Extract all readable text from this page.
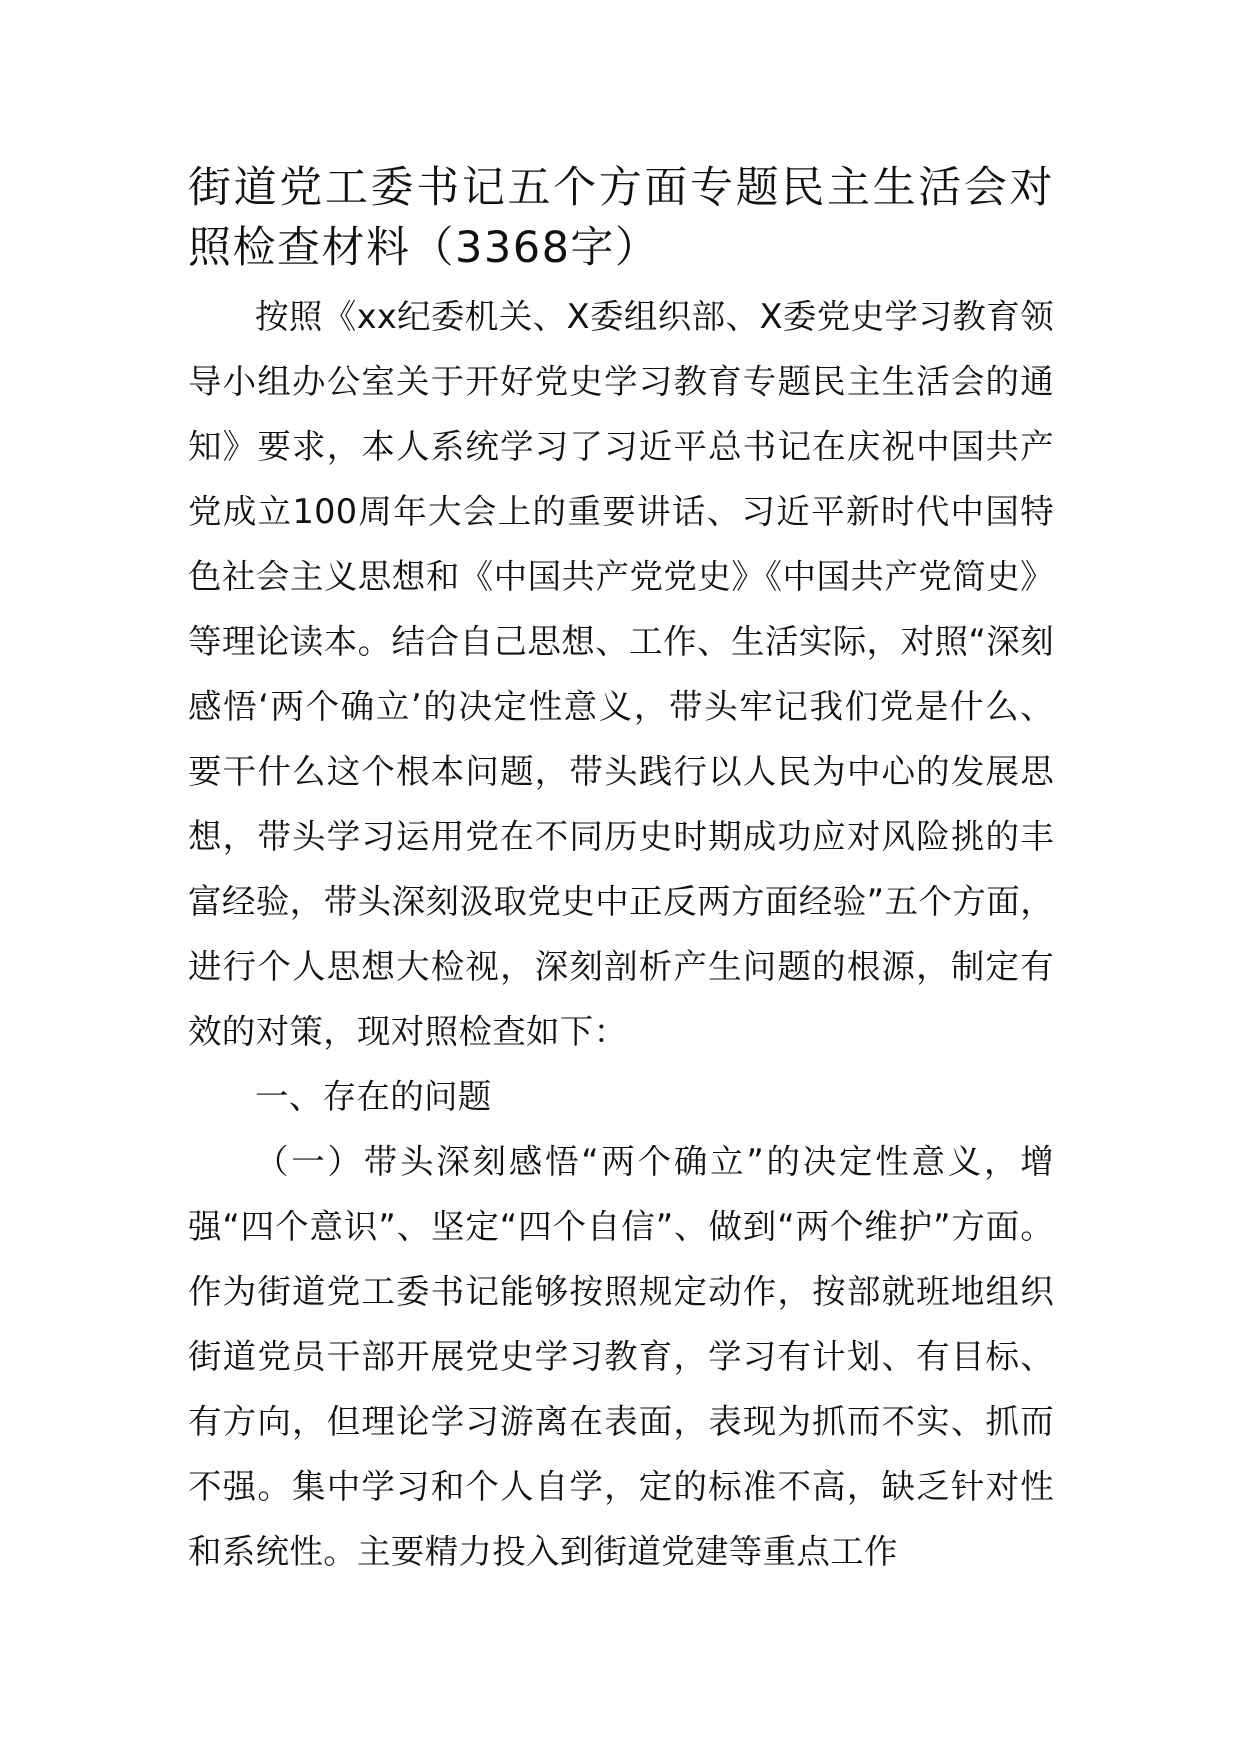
街道党工委书记五个方面专题民主生活会对照检查材料（3368字）

按照《xx纪委机关、X委组织部、X委党史学习教育领导小组办公室关于开好党史学习教育专题民主生活会的通知》要求，本人系统学习了习近平总书记在庆祝中国共产党成立100周年大会上的重要讲话、习近平新时代中国特色社会主义思想和《中国共产党党史》《中国共产党简史》等理论读本。结合自己思想、工作、生活实际，对照“深刻感悟‘两个确立’的决定性意义，带头牢记我们党是什么、要干什么这个根本问题，带头践行以人民为中心的发展思想，带头学习运用党在不同历史时期成功应对风险挑的丰富经验，带头深刻汲取党史中正反两方面经验”五个方面，进行个人思想大检视，深刻剖析产生问题的根源，制定有效的对策，现对照检查如下：

一、存在的问题

（一）带头深刻感悟“两个确立”的决定性意义，增强“四个意识”、坚定“四个自信”、做到“两个维护”方面。作为街道党工委书记能够按照规定动作，按部就班地组织街道党员干部开展党史学习教育，学习有计划、有目标、有方向，但理论学习游离在表面，表现为抓而不实、抓而不强。集中学习和个人自学，定的标准不高，缺乏针对性和系统性。主要精力投入到街道党建等重点工作
